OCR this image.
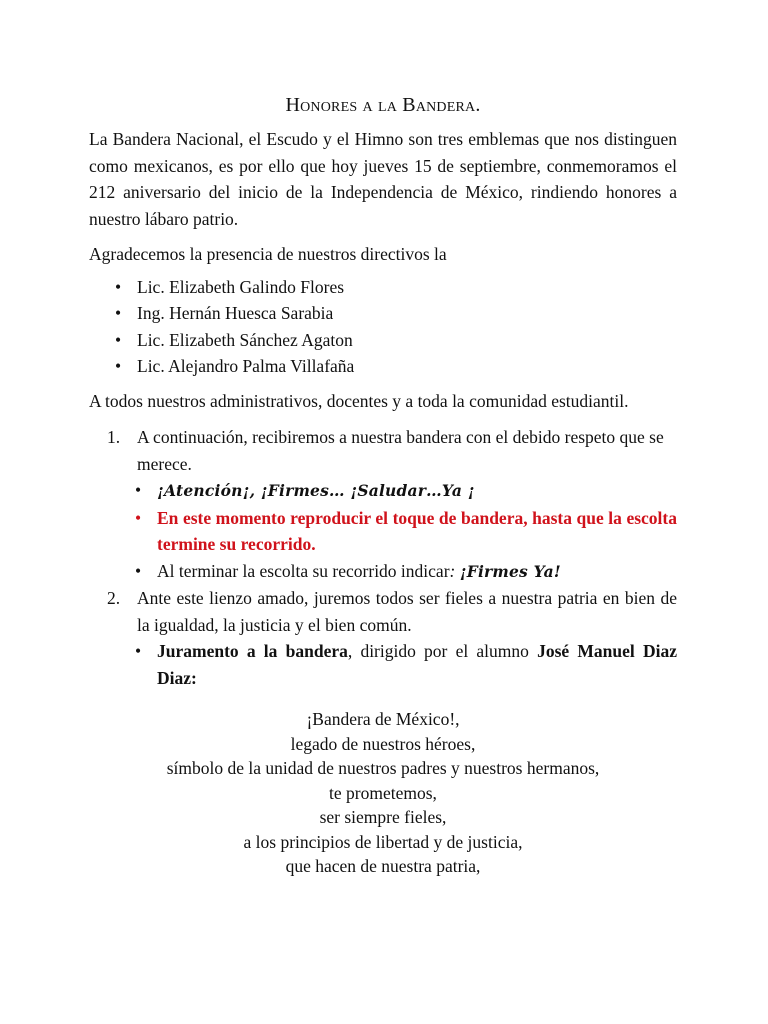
Honores a la Bandera.

La Bandera Nacional, el Escudo y el Himno son tres emblemas que nos distinguen como mexicanos, es por ello que hoy jueves 15 de septiembre, conmemoramos el 212 aniversario del inicio de la Independencia de México, rindiendo honores a nuestro lábaro patrio.

Agradecemos la presencia de nuestros directivos la

• Lic. Elizabeth Galindo Flores
• Ing. Hernán Huesca Sarabia
• Lic. Elizabeth Sánchez Agaton
• Lic. Alejandro Palma Villafaña

A todos nuestros administrativos, docentes y a toda la comunidad estudiantil.

1. A continuación, recibiremos a nuestra bandera con el debido respeto que se merece.
• ¡Atención¡, ¡Firmes… ¡Saludar…Ya ¡
• En este momento reproducir el toque de bandera, hasta que la escolta termine su recorrido.
• Al terminar la escolta su recorrido indicar: ¡Firmes Ya!
2. Ante este lienzo amado, juremos todos ser fieles a nuestra patria en bien de la igualdad, la justicia y el bien común.
• Juramento a la bandera, dirigido por el alumno José Manuel Diaz Diaz:
¡Bandera de México!,
legado de nuestros héroes,
símbolo de la unidad de nuestros padres y nuestros hermanos,
te prometemos,
ser siempre fieles,
a los principios de libertad y de justicia,
que hacen de nuestra patria,
